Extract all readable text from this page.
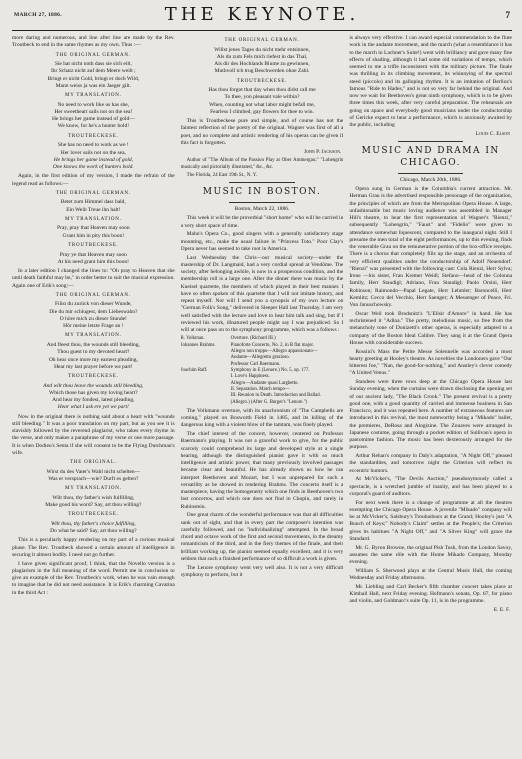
MARCH 27, 1886.	THE KEYNOTE.	7

more daring and numerous, and line after line are made by the Rev. Troutbeck to end in the same rhymes as my own. Thus :—

THE ORIGINAL GERMAN.
Sie hat nicht noth dass sie sich eilt,
Ihr Schatz nicht auf dem Meere weilt ;
Bringt er nicht Gold, bringt er doch Wild,
Mann weiss ja was ein Jaeger gilt.
MY TRANSLATION.
No need to work like us has she,
Her sweetheart sails not on the sea!
He brings her game instead of gold—
We know, for he's a hunter bold!
TROUTBECKESE.
She has no need to work as we !
Her lover sails not on the sea,
He brings her game instead of gold,
One knows the work of hunters bold.

Again, in the first edition of my version, I made the refrain of the legend read as follows:—

THE ORIGINAL GERMAN.
Betet zum Himmel dass bald,
Ein Weib Treue ihn halt!
MY TRANSLATION.
Pray, pray that Heaven may soon
Grant him in pity this boon!
TROUTBECKESE.
Pray ye that Heaven may soon
At his need grant him this boon!

In a later edition I changed the lines to: "Oh pray to Heaven that she until death faithful may be," in order better to suit the musical expression. Again one of Erik's song:—

THE ORIGINAL GERMAN.
Fiñst du zurück von dieser Wunde,
Die du mir schlugest, dem Liebeswahn?
O höre mich zu dieser Stunde!
Hör meine letzte Frage an !
MY TRANSLATION.
And fleest thou, the wounds still bleeding,
Thou guest to my devoted heart?
Oh hear once more my earnest pleading,
Hear my last prayer before we part!
TROUTBECKESE.
And wilt thou leave the wounds still bleeding,
Which those has given my loving heart?
And hear my fondest, latest pleading,
Hear what I ask ere yet we part!

Now in the original there is nothing said about a heart with "wounds still bleeding." It was a poor translation on my part, but as you see it is slavishly followed by the reverend plagiarist, who takes every rhyme in the verse, and only makes a paraphrase of my verse or one more passage. It is when Dodieu's Senta if she will consent to be the Flying Dutchman's wife.

THE ORIGINAL.
Wirst du des Vater's Wahl nicht schelten—
Was er versprach—wie? Durft es gelten?
MY TRANSLATION.
Wilt thou, thy father's wish fulfilling,
Make good his word? Say, art thou willing?
TROUTBECKESE.
Wilt thou, thy father's choice fulfilling,
Do what he said? Say, art thou willing?

This is a peculiarly happy rendering on my part of a curious musical phase. The Rev. Troutbeck showed a certain amount of intelligence in securing it almost bodily. I need not go further.

I have given significant proof, I think, that the Novello version is a plagiarism in the full meaning of the word. Permit me in conclusion to give an example of the Rev. Troutbeck's work, when he was vain enough to imagine that he did not need assistance. It is Erik's charming Cavatina in the third Act :

THE ORIGINAL GERMAN.
Willst jenes Tages du nicht mehr entsinnen,
Als du zum Fels mich riefest in das Thal,
Als dir des Hochlands Blume zu gewinnen,
Muthvoll ich trug Beschwerden ohne Zahl.
TROUTBECKESE.
Has thou forgot that day when thou didst call me
To thee, yon pleasant vale within?
When, counting not what labor might befall me,
Fearless I climbed, gay flowers for thee to win.

This is Troutbeckese pure and simple, and of course has not the faintest reflection of the poetry of the original. Wagner was first of all a poet, and no complete and artistic rendering of his operas can be given if this fact is forgotten.

John P. Jackson.

Author of "The Album of the Passion Play at Ober Ammergau;" "Lohengrin musically and pictorially illustrated," &c., &c.

The Florida, 24 East 19th St., N. Y.

MUSIC IN BOSTON.
Boston, March 22, 1886.

This week it will be the proverbial "short home" who will be curried in a very short space of time.

Mahn's Opera Co., good singers with a generally satisfactory stage mounting, etc., make the usual failure in "Princess Toto." Poor Clay's Opera never has seemed to take root in America.

Last Wednesday the Chris—our musical society—under the mastership of Dr. Langmaid, had a very cordial spread at Vendôme. The society, after belonging awhile, is now in a prosperous condition, and the membership roll is a large one. After the dinner there was music by the Kneisel quartette, the members of which played in their best manner. I have so often spoken of this quartette that I will not imitate history, and repeat myself. Nor will I send you a synopsis of my own lecture on "German Folk's Song," delivered in Sleeper Hall last Thursday. I am very well satisfied with the lecture and love to hear him talk and sing, but if I reviewed his work, illnatured people might say I was prejudiced. So I will at once pass on to the symphony programme, which was a follows :

R. Volkman.	Overture. (Richard III.)
Johannes Brahms.	Pianoforte Concerto, No. 2, in B flat major.
Allegro non troppo—Allegro appassionato—
Andante—Allegretto grazioso.
Professor Carl Baermann.
Joachim Raff.	Symphony in E (Lenore.) No. 5, op. 177.
I. Love's Happiness.
Allegro—Andante quasi Larghetto.
II. Separation. March tempo—
III. Reunion in Death. Introduction and Ballad.
(Allegro.) (After G. Burger's "Lenore.")

The Volkmann overture, with its anachronism of "The Campbells are coming," played on Bosworth Field in 1485, and its killing of the dangerous king with a violent blow of the tamtam, was finely played.

The chief interest of the concert, however, centered on Professor Baermann's playing. It was not a graceful work to give, for the public scarcely could comprehend its large and developed style at a single hearing, although the distinguished pianist gave it with so much intelligence and artistic power, that many previously involved passages became clear and beautiful. He has already shown us how he can interpret Beethoven and Mozart, but I was unprepared for such a versatility as he showed in rendering Brahms. The concerto itself is a masterpiece, having the homogeneity which one finds in Beethoven's two last concertos, and which one does not find in Chopin, and rarely in Rubinstein.

One great charm of the wonderful performance was that all difficulties sank out of sight, and that in every part the composer's intention was carefully followed, and no "individualizing" attempted. In the broad chord and octave work of the first and second movements, in the dreamy romanticism of the third, and in the fiery themes of the finale, and their brilliant working up, the pianist seemed equally excellent, and it is very seldom that such a finished performance of so difficult a work is given.

The Lenore symphony went very well also. It is not a very difficult symphony to perform, but it

is always very effective. I can award especial commendation to the flute work in the andante movement, and the march (what a resemblance it has to the march in Lachner's Suite!) went with brilliancy and gave many fine effects of shading, although it had some old variations of tempo, which seemed to me a trifle inconsistent with the military picture. The finale was thrilling in its climbing movement, its whinnying of the spectral steed (piccolo) and its galloping rhythm. It is an imitation of Berlioz's famous "Ride to Hades," and is not so very far behind the original. And now we wait for Beethoven's great ninth symphony, which is to be given three times this week, after very careful preparation. The rehearsals are going on apace and everybody good musicians under the conductorship of Gericke expect to hear a performance, which is anxiously awaited by the public, including

Louis C. Elson
MUSIC AND DRAMA IN CHICAGO.
Chicago, March 20th, 1886.

Opera sung in German is the Columbia's current attraction. Mr. Herman Grau is the advertised responsible personage of the organization, the principles of which are from the Metropolitan Opera House. A large, unfashionable but music loving audience was assembled in Manager Hill's theatre, to hear the first representation of Wagner's "Rienzi," subsequently "Lohengrin," "Faust" and "Fidelio" were given to attendance somewhat liquescent, compared to the inaugural night. Still I presume the men total of the eight performances, up to this evening, finds the venerable Grau on the remunerative portion of the box-office receipts. There is a chorus that completely fills up the stage, and an orchestra of very efficient qualities under the conductorship of Adolf Neuendorf. "Rienzi" was presented with the following cast: Cola Rienzi, Herr Sylva; Irene —his sister, Fran Kremer Weidl; Stefano—head of the Colonna family, Herr Staudigl; Adriano, Frau Staudigl; Paolo Orsini, Herr Robinson; Raimondo—Papal Legate, Herr Lehmler; Baroncelli, Herr Kemlitz; Cecco del Vecchio, Herr Saenger; A Messenger of Peace, Fri. Von Januschowsky.

Oscar Weil took Brodsnitz's "L'Elisir d'Amore" in hand. He has rechristened it "Adina." The pretty, melodious music, so free from the melancholy tone of Donizetti's other operas, is especially adapted to a company of the Boston Ideal Calibre. They sang it at the Grand Opera House with considerable success.

Rossini's Mass the Petite Messe Solennelle was accorded a most hearty greeting at Hooley's theatre. As novelties the Londoners gave "Our bitterest foe," "Nan, the good-for-nothing," and Anstley's clever comedy "A United Venus."

Standees were three rows deep at the Chicago Opera House last Sunday evening, when the curtains were drawn disclosing the opening set of our ancient lady, "The Black Crook." The present revival is a pretty good one, with a good quantity of carried and immense business in San Francisco, and it was repeated here. A number of extraneous features are introduced in this revival, the most noteworthy being a "Mikado" ballet, the premieres, DeRosa and Alogizine. The Zouaves were arranged in Japanese costume, going through a pocket edition of Sullivan's opera in pantomime fashion. The music has been dexterously arranged for the purpose.

Arthur Rehan's company in Daly's adaptation, "A Night Off," pleased the standardites, and tomorrow night the Criterion will reflect its eccentric humors.

At McVicker's, "The Devils Auction," pseudonymously called a spectacle, is a wretched jumble of inanity, and has been played to a corporal's guard of auditors.

For next week there is a change of programme at all the theatres exempting the Chicago Opera House. A juvenile "Mikado" company will be at McVicker's; Salsbury's Troubadours at the Grand; Hooley's just "A Bunch of Keys;" Nobody's Claim" settles at the People's; the Criterion gives its habitues "A Night Off," and "A Silver King" will grace the Standard.

Mr. G. Byron Browne, the original Pish Tush, from the London Savoy, assumes the same rôle with the Home Mikado Company, Monday evening.

William S. Sherwood plays at the Central Music Hall, the coming Wednesday and Friday afternoons.

Mr. Liebling and Carl Becker's fifth chamber concert takes place at Kimball Hall, next Friday evening. Hofmann's sonata, Op. 67, for piano and violin, and Goldmarc's suite Op. 11, is in the programme.

E. E. F.
